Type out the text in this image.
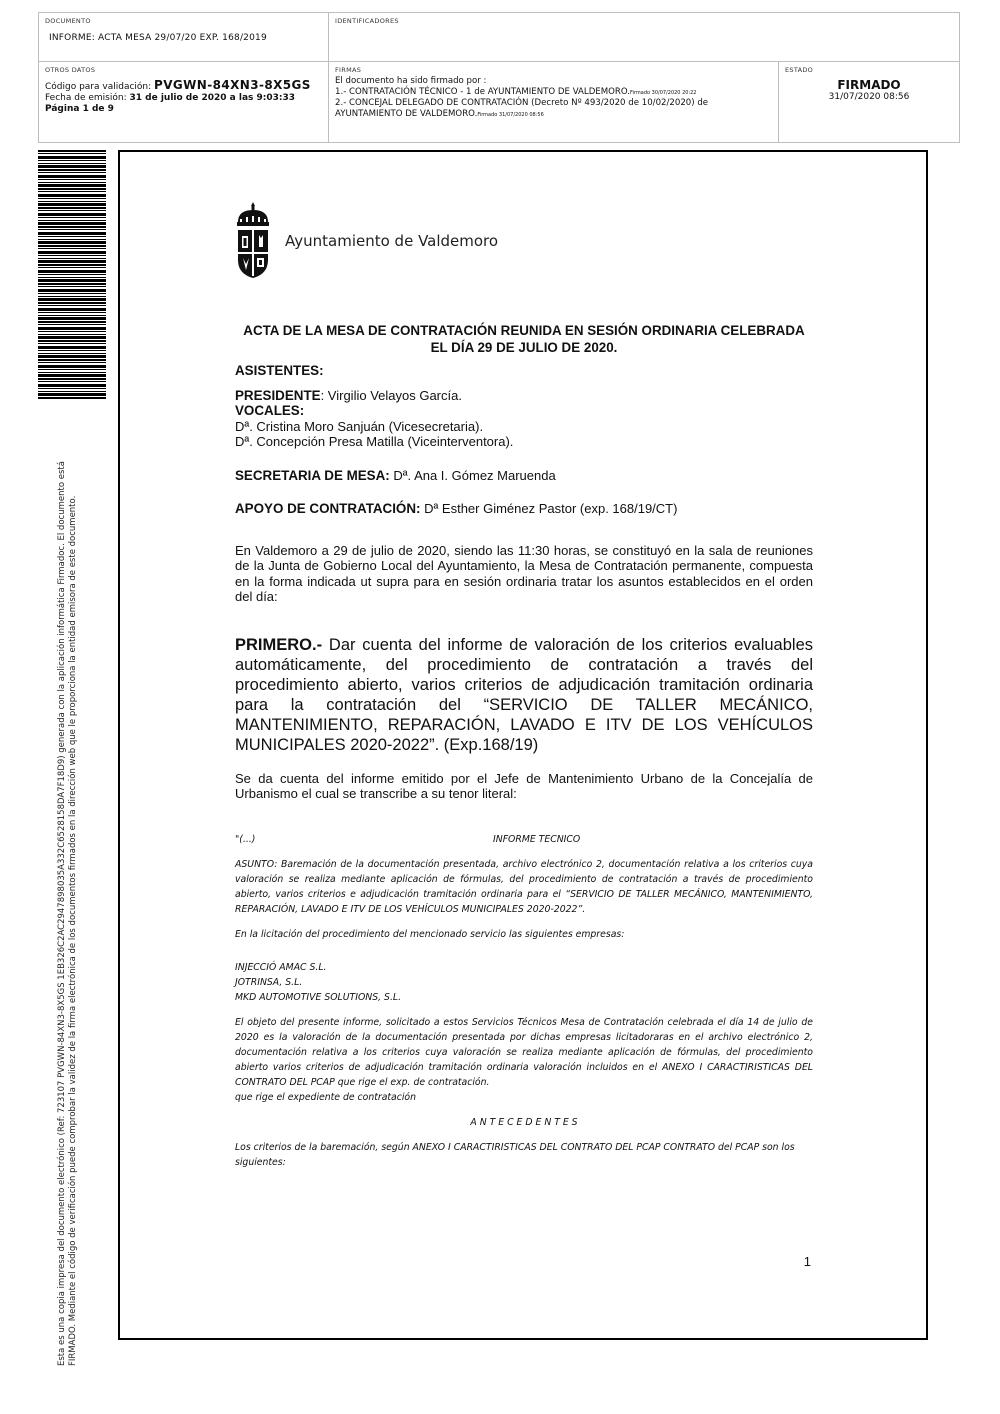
DOCUMENTO
INFORME: ACTA MESA 29/07/20 EXP. 168/2019
IDENTIFICADORES
OTROS DATOS
Código para validación: PVGWN-84XN3-8X5GS
Fecha de emisión: 31 de julio de 2020 a las 9:03:33
Página 1 de 9
FIRMAS
El documento ha sido firmado por :
1.- CONTRATACIÓN TÉCNICO - 1 de AYUNTAMIENTO DE VALDEMORO.Firmado 30/07/2020 20:22
2.- CONCEJAL DELEGADO DE CONTRATACIÓN (Decreto Nº 493/2020 de 10/02/2020) de AYUNTAMIENTO DE VALDEMORO.Firmado 31/07/2020 08:56
ESTADO
FIRMADO
31/07/2020 08:56
Esta es una copia impresa del documento electrónico (Ref: 723107 PVGWN-84XN3-8X5GS 1EB326C2AC2947898035A332C6528158DA7F18D9) generada con la aplicación informática Firmadoc. El documento está FIRMADO. Mediante el código de verificación puede comprobar la validez de la firma electrónica de los documentos firmados en la dirección web que le proporciona la entidad emisora de este documento.
Ayuntamiento de Valdemoro
ACTA DE LA MESA DE CONTRATACIÓN REUNIDA EN SESIÓN ORDINARIA CELEBRADA EL DÍA 29 DE JULIO DE 2020.

ASISTENTES:

PRESIDENTE: Virgilio Velayos García.

VOCALES:

Dª. Cristina Moro Sanjuán (Vicesecretaria).

Dª. Concepción Presa Matilla (Viceinterventora).

SECRETARIA DE MESA: Dª. Ana I. Gómez Maruenda

APOYO DE CONTRATACIÓN: Dª Esther Giménez Pastor (exp. 168/19/CT)

En Valdemoro a 29 de julio de 2020, siendo las 11:30 horas, se constituyó en la sala de reuniones de la Junta de Gobierno Local del Ayuntamiento, la Mesa de Contratación permanente, compuesta en la forma indicada ut supra para en sesión ordinaria tratar los asuntos establecidos en el orden del día:

PRIMERO.- Dar cuenta del informe de valoración de los criterios evaluables automáticamente, del procedimiento de contratación a través del procedimiento abierto, varios criterios de adjudicación tramitación ordinaria para la contratación del “SERVICIO DE TALLER MECÁNICO, MANTENIMIENTO, REPARACIÓN, LAVADO E ITV DE LOS VEHÍCULOS MUNICIPALES 2020-2022”. (Exp.168/19)

Se da cuenta del informe emitido por el Jefe de Mantenimiento Urbano de la Concejalía de Urbanismo el cual se transcribe a su tenor literal:

"(...)	INFORME TECNICO

ASUNTO: Baremación de la documentación presentada, archivo electrónico 2, documentación relativa a los criterios cuya valoración se realiza mediante aplicación de fórmulas, del procedimiento de contratación a través de procedimiento abierto, varios criterios e adjudicación tramitación ordinaria para el “SERVICIO DE TALLER MECÁNICO, MANTENIMIENTO, REPARACIÓN, LAVADO E ITV DE LOS VEHÍCULOS MUNICIPALES 2020-2022”.

En la licitación del procedimiento del mencionado servicio las siguientes empresas:

INJECCIÓ AMAC S.L.

JOTRINSA, S.L.

MKD AUTOMOTIVE SOLUTIONS, S.L.

El objeto del presente informe, solicitado a estos Servicios Técnicos Mesa de Contratación celebrada el día 14 de julio de 2020 es la valoración de la documentación presentada por dichas empresas licitadoraras en el archivo electrónico 2, documentación relativa a los criterios cuya valoración se realiza mediante aplicación de fórmulas, del procedimiento abierto varios criterios de adjudicación tramitación ordinaria valoración incluidos en el ANEXO I CARACTIRISTICAS DEL CONTRATO DEL PCAP que rige el exp. de contratación.

que rige el expediente de contratación

A N T E C E D E N T E S

Los criterios de la baremación, según ANEXO I CARACTIRISTICAS DEL CONTRATO DEL PCAP CONTRATO del PCAP son los siguientes:

1
